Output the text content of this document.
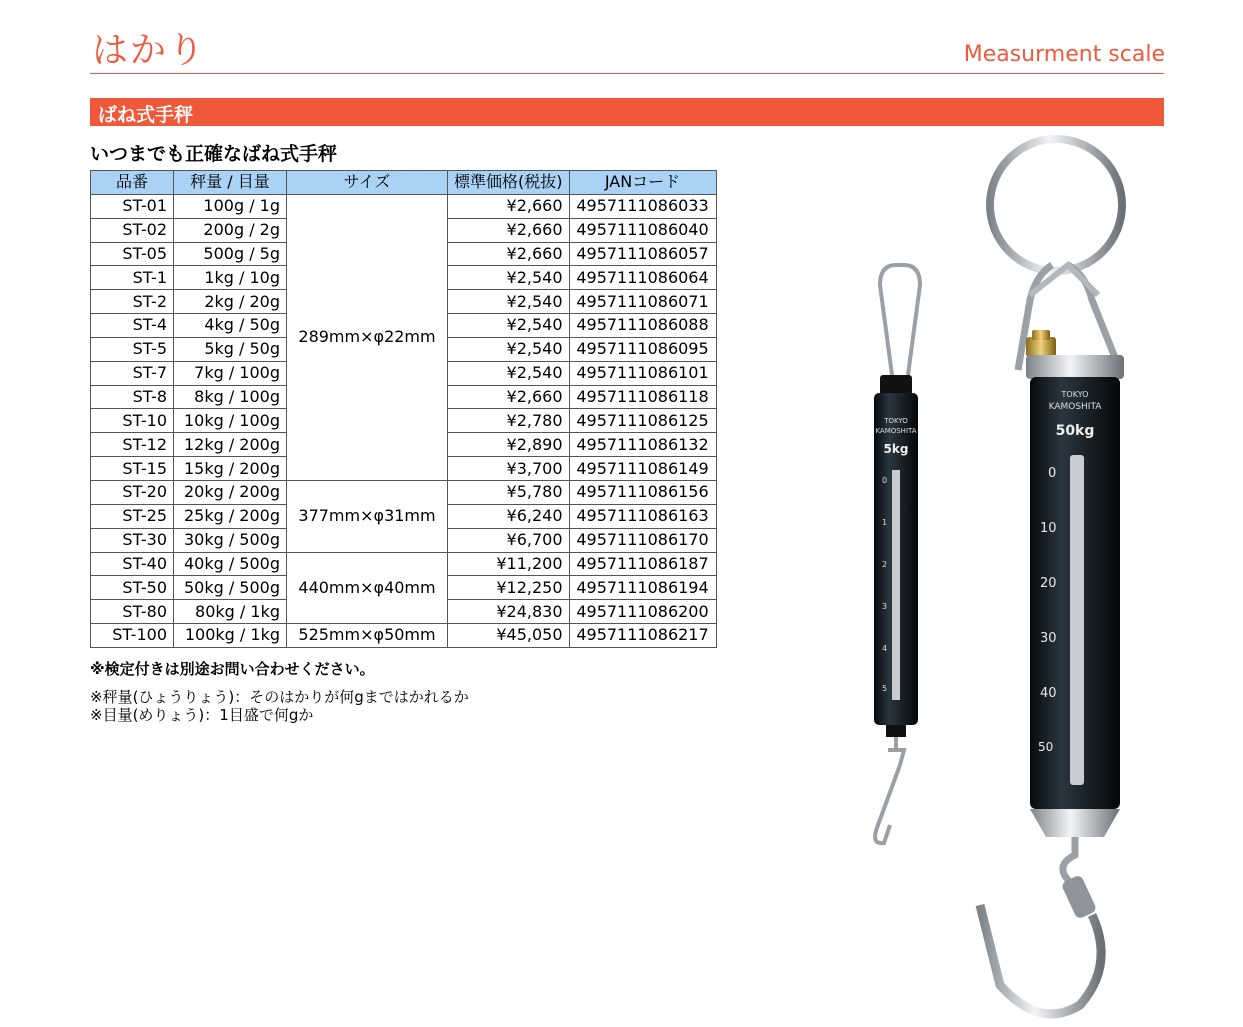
はかり	Measurment scale
ばね式手秤
いつまでも正確なばね式手秤
品番	秤量 / 目量	サイズ	標準価格(税抜)	JANコード
ST-01	100g / 1g	289mm×φ22mm	¥2,660	4957111086033
ST-02	200g / 2g		¥2,660	4957111086040
ST-05	500g / 5g		¥2,660	4957111086057
ST-1	1kg / 10g		¥2,540	4957111086064
ST-2	2kg / 20g		¥2,540	4957111086071
ST-4	4kg / 50g		¥2,540	4957111086088
ST-5	5kg / 50g		¥2,540	4957111086095
ST-7	7kg / 100g		¥2,540	4957111086101
ST-8	8kg / 100g		¥2,660	4957111086118
ST-10	10kg / 100g		¥2,780	4957111086125
ST-12	12kg / 200g		¥2,890	4957111086132
ST-15	15kg / 200g		¥3,700	4957111086149
ST-20	20kg / 200g	377mm×φ31mm	¥5,780	4957111086156
ST-25	25kg / 200g		¥6,240	4957111086163
ST-30	30kg / 500g		¥6,700	4957111086170
ST-40	40kg / 500g	440mm×φ40mm	¥11,200	4957111086187
ST-50	50kg / 500g		¥12,250	4957111086194
ST-80	80kg / 1kg		¥24,830	4957111086200
ST-100	100kg / 1kg	525mm×φ50mm	¥45,050	4957111086217
※検定付きは別途お問い合わせください。
※秤量(ひょうりょう)：そのはかりが何gまではかれるか
※目量(めりょう)：1目盛で何gか
TOKYO
KAMOSHITA
5kg
0
1
2
3
4
5
TOKYO
KAMOSHITA
50kg
0
10
20
30
40
50
